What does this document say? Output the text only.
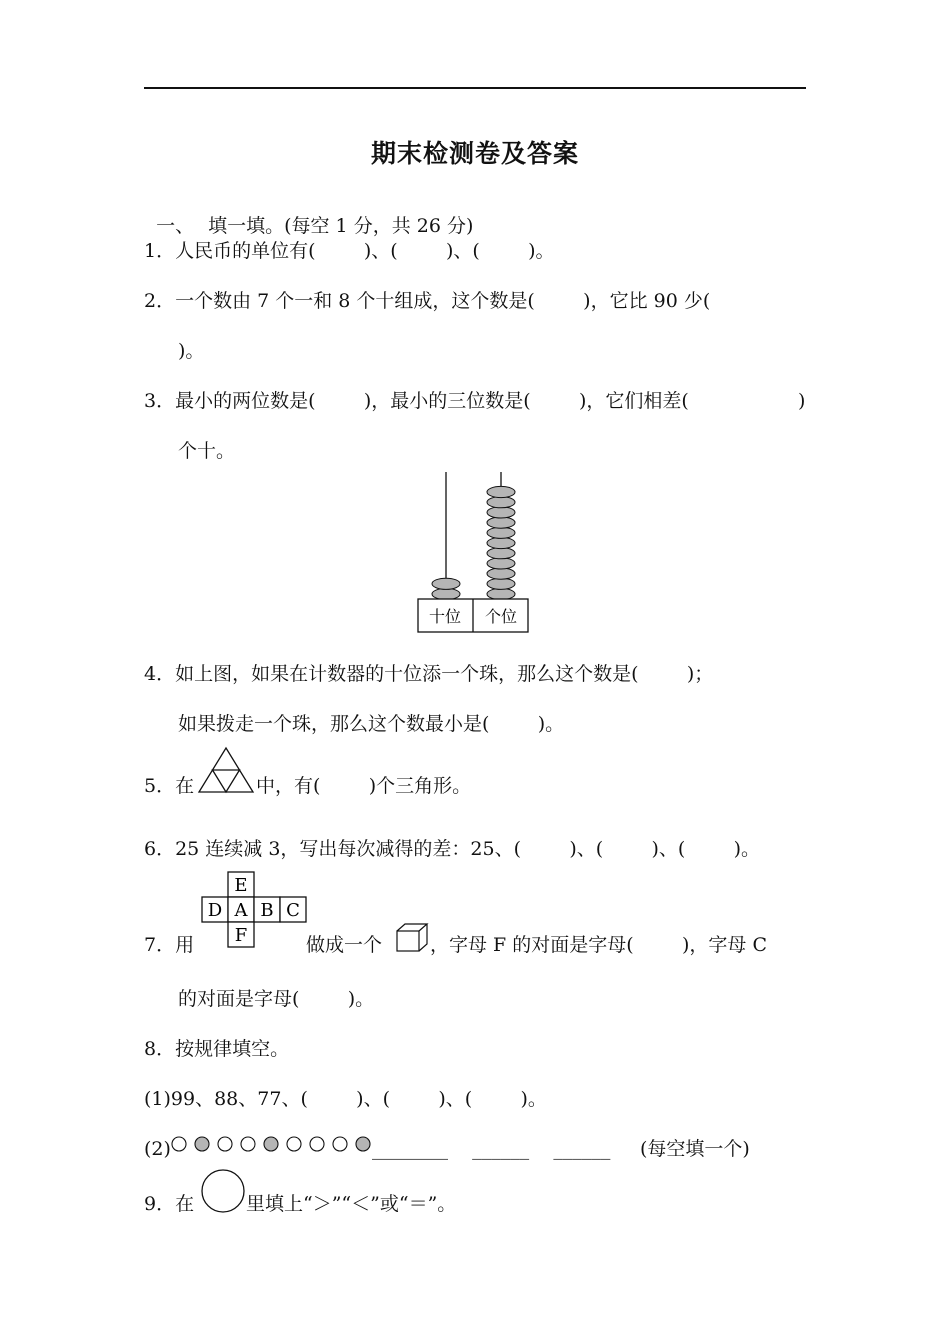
期末检测卷及答案

一、 填一填。(每空 1 分，共 26 分)

1．人民币的单位有(        )、(        )、(        )。
2．一个数由 7 个一和 8 个十组成，这个数是(        )，它比 90 少(
)。
3．最小的两位数是(        )，最小的三位数是(        )，它们相差(	)
个十。
十位 个位
4．如上图，如果在计数器的十位添一个珠，那么这个数是(        )；
如果拨走一个珠，那么这个数最小是(        )。
5．在	中，有(        )个三角形。
6．25 连续减 3，写出每次减得的差：25、(        )、(        )、(        )。
E
D A B C
F
7．用	做成一个	，字母 F 的对面是字母(        )，字母 C
的对面是字母(        )。
8．按规律填空。
(1)99、88、77、(        )、(        )、(        )。
(2)	________    ______    ______ (每空填一个)
9．在	里填上“＞”“＜”或“＝”。
